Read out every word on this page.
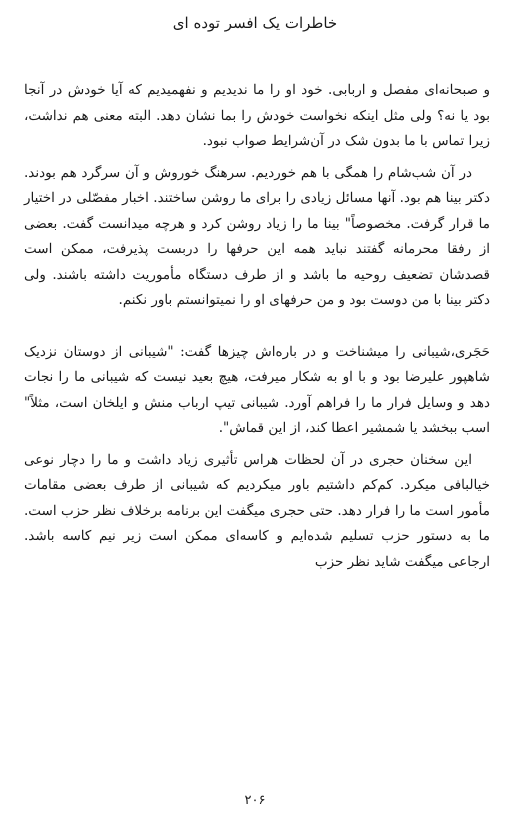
خاطرات یک افسر توده ای

و صبحانه‌ای مفصل و اربابی. خود او را ما ندیدیم و نفهمیدیم که آیا خودش در آنجا بود یا نه؟ ولی مثل اینکه نخواست خودش را بما نشان دهد. البته معنی هم نداشت، زیرا تماس با ما بدون شک در آن‌شرایط صواب نبود.

در آن شب‌شام را همگی با هم خوردیم. سرهنگ خوروش و آن سرگرد هم بودند. دکتر بینا هم بود. آنها مسائل زیادی را برای ما روشن ساختند. اخبار مفصّلی در اختیار ما قرار گرفت. مخصوصاً" بینا ما را زیاد روشن کرد و هرچه میدانست گفت. بعضی از رفقا محرمانه گفتند نباید همه این حرفها را دربست پذیرفت، ممکن است قصدشان تضعیف روحیه ما باشد و از طرف دستگاه مأموریت داشته باشند. ولی دکتر بینا با من دوست بود و من حرفهای او را نمیتوانستم باور نکنم.

حَجَری،شیبانی را میشناخت و در باره‌اش چیزها گفت: "شیبانی از دوستان نزدیک شاهپور علیرضا بود و با او به شکار میرفت، هیچ بعید نیست که شیبانی ما را نجات دهد و وسایل فرار ما را فراهم آورد. شیبانی تیپ ارباب منش و ایلخان است، مثلاً" اسب ببخشد یا شمشیر اعطا کند، از این قماش".

این سخنان حجری در آن لحظات هراس تأثیری زیاد داشت و ما را دچار نوعی خیالبافی میکرد. کم‌کم داشتیم باور میکردیم که شیبانی از طرف بعضی مقامات مأمور است ما را فرار دهد. حتی حجری میگفت این برنامه برخلاف نظر حزب است. ما به دستور حزب تسلیم شده‌ایم و کاسه‌ای ممکن است زیر نیم کاسه باشد. ارجاعی میگفت شاید نظر حزب

۲۰۶
